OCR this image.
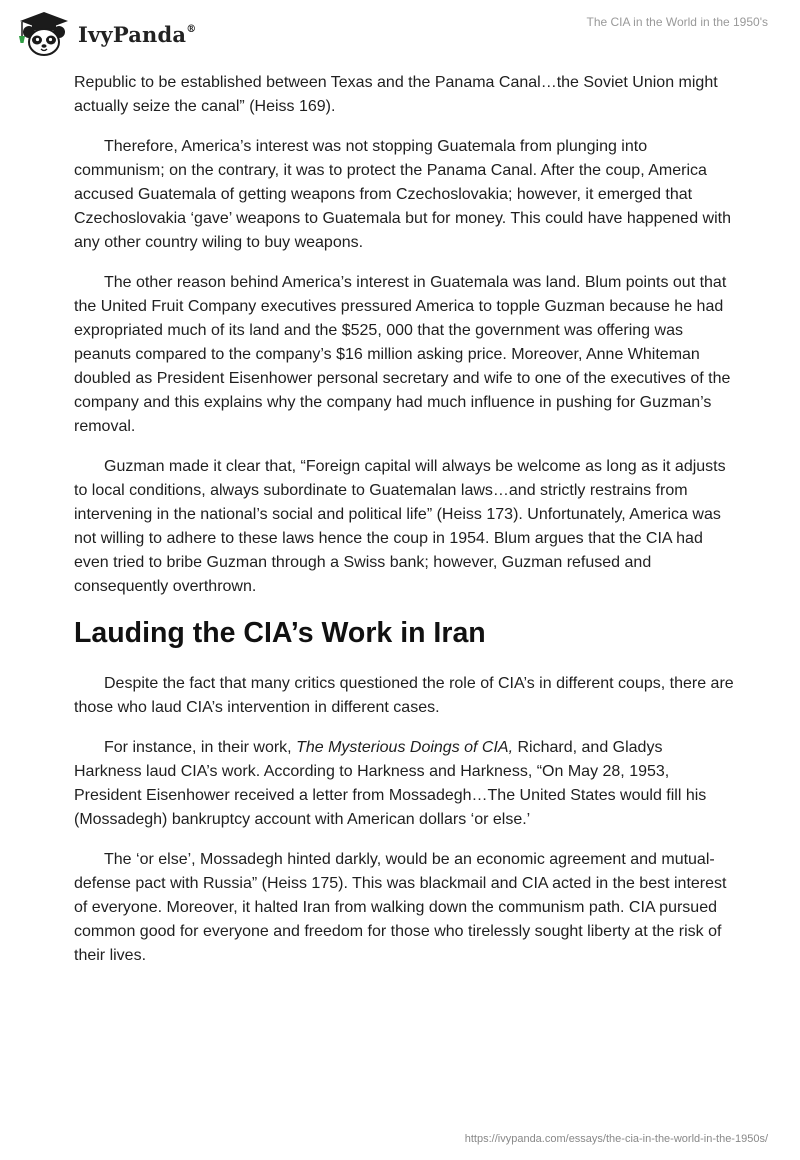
IvyPanda®	The CIA in the World in the 1950's

Republic to be established between Texas and the Panama Canal…the Soviet Union might actually seize the canal” (Heiss 169).

Therefore, America’s interest was not stopping Guatemala from plunging into communism; on the contrary, it was to protect the Panama Canal. After the coup, America accused Guatemala of getting weapons from Czechoslovakia; however, it emerged that Czechoslovakia ‘gave’ weapons to Guatemala but for money. This could have happened with any other country wiling to buy weapons.

The other reason behind America’s interest in Guatemala was land. Blum points out that the United Fruit Company executives pressured America to topple Guzman because he had expropriated much of its land and the $525, 000 that the government was offering was peanuts compared to the company’s $16 million asking price. Moreover, Anne Whiteman doubled as President Eisenhower personal secretary and wife to one of the executives of the company and this explains why the company had much influence in pushing for Guzman’s removal.

Guzman made it clear that, “Foreign capital will always be welcome as long as it adjusts to local conditions, always subordinate to Guatemalan laws…and strictly restrains from intervening in the national’s social and political life” (Heiss 173). Unfortunately, America was not willing to adhere to these laws hence the coup in 1954. Blum argues that the CIA had even tried to bribe Guzman through a Swiss bank; however, Guzman refused and consequently overthrown.

Lauding the CIA’s Work in Iran

Despite the fact that many critics questioned the role of CIA’s in different coups, there are those who laud CIA’s intervention in different cases.

For instance, in their work, The Mysterious Doings of CIA, Richard, and Gladys Harkness laud CIA’s work. According to Harkness and Harkness, “On May 28, 1953, President Eisenhower received a letter from Mossadegh…The United States would fill his (Mossadegh) bankruptcy account with American dollars ‘or else.’

The ‘or else’, Mossadegh hinted darkly, would be an economic agreement and mutual-defense pact with Russia” (Heiss 175). This was blackmail and CIA acted in the best interest of everyone. Moreover, it halted Iran from walking down the communism path. CIA pursued common good for everyone and freedom for those who tirelessly sought liberty at the risk of their lives.

https://ivypanda.com/essays/the-cia-in-the-world-in-the-1950s/
